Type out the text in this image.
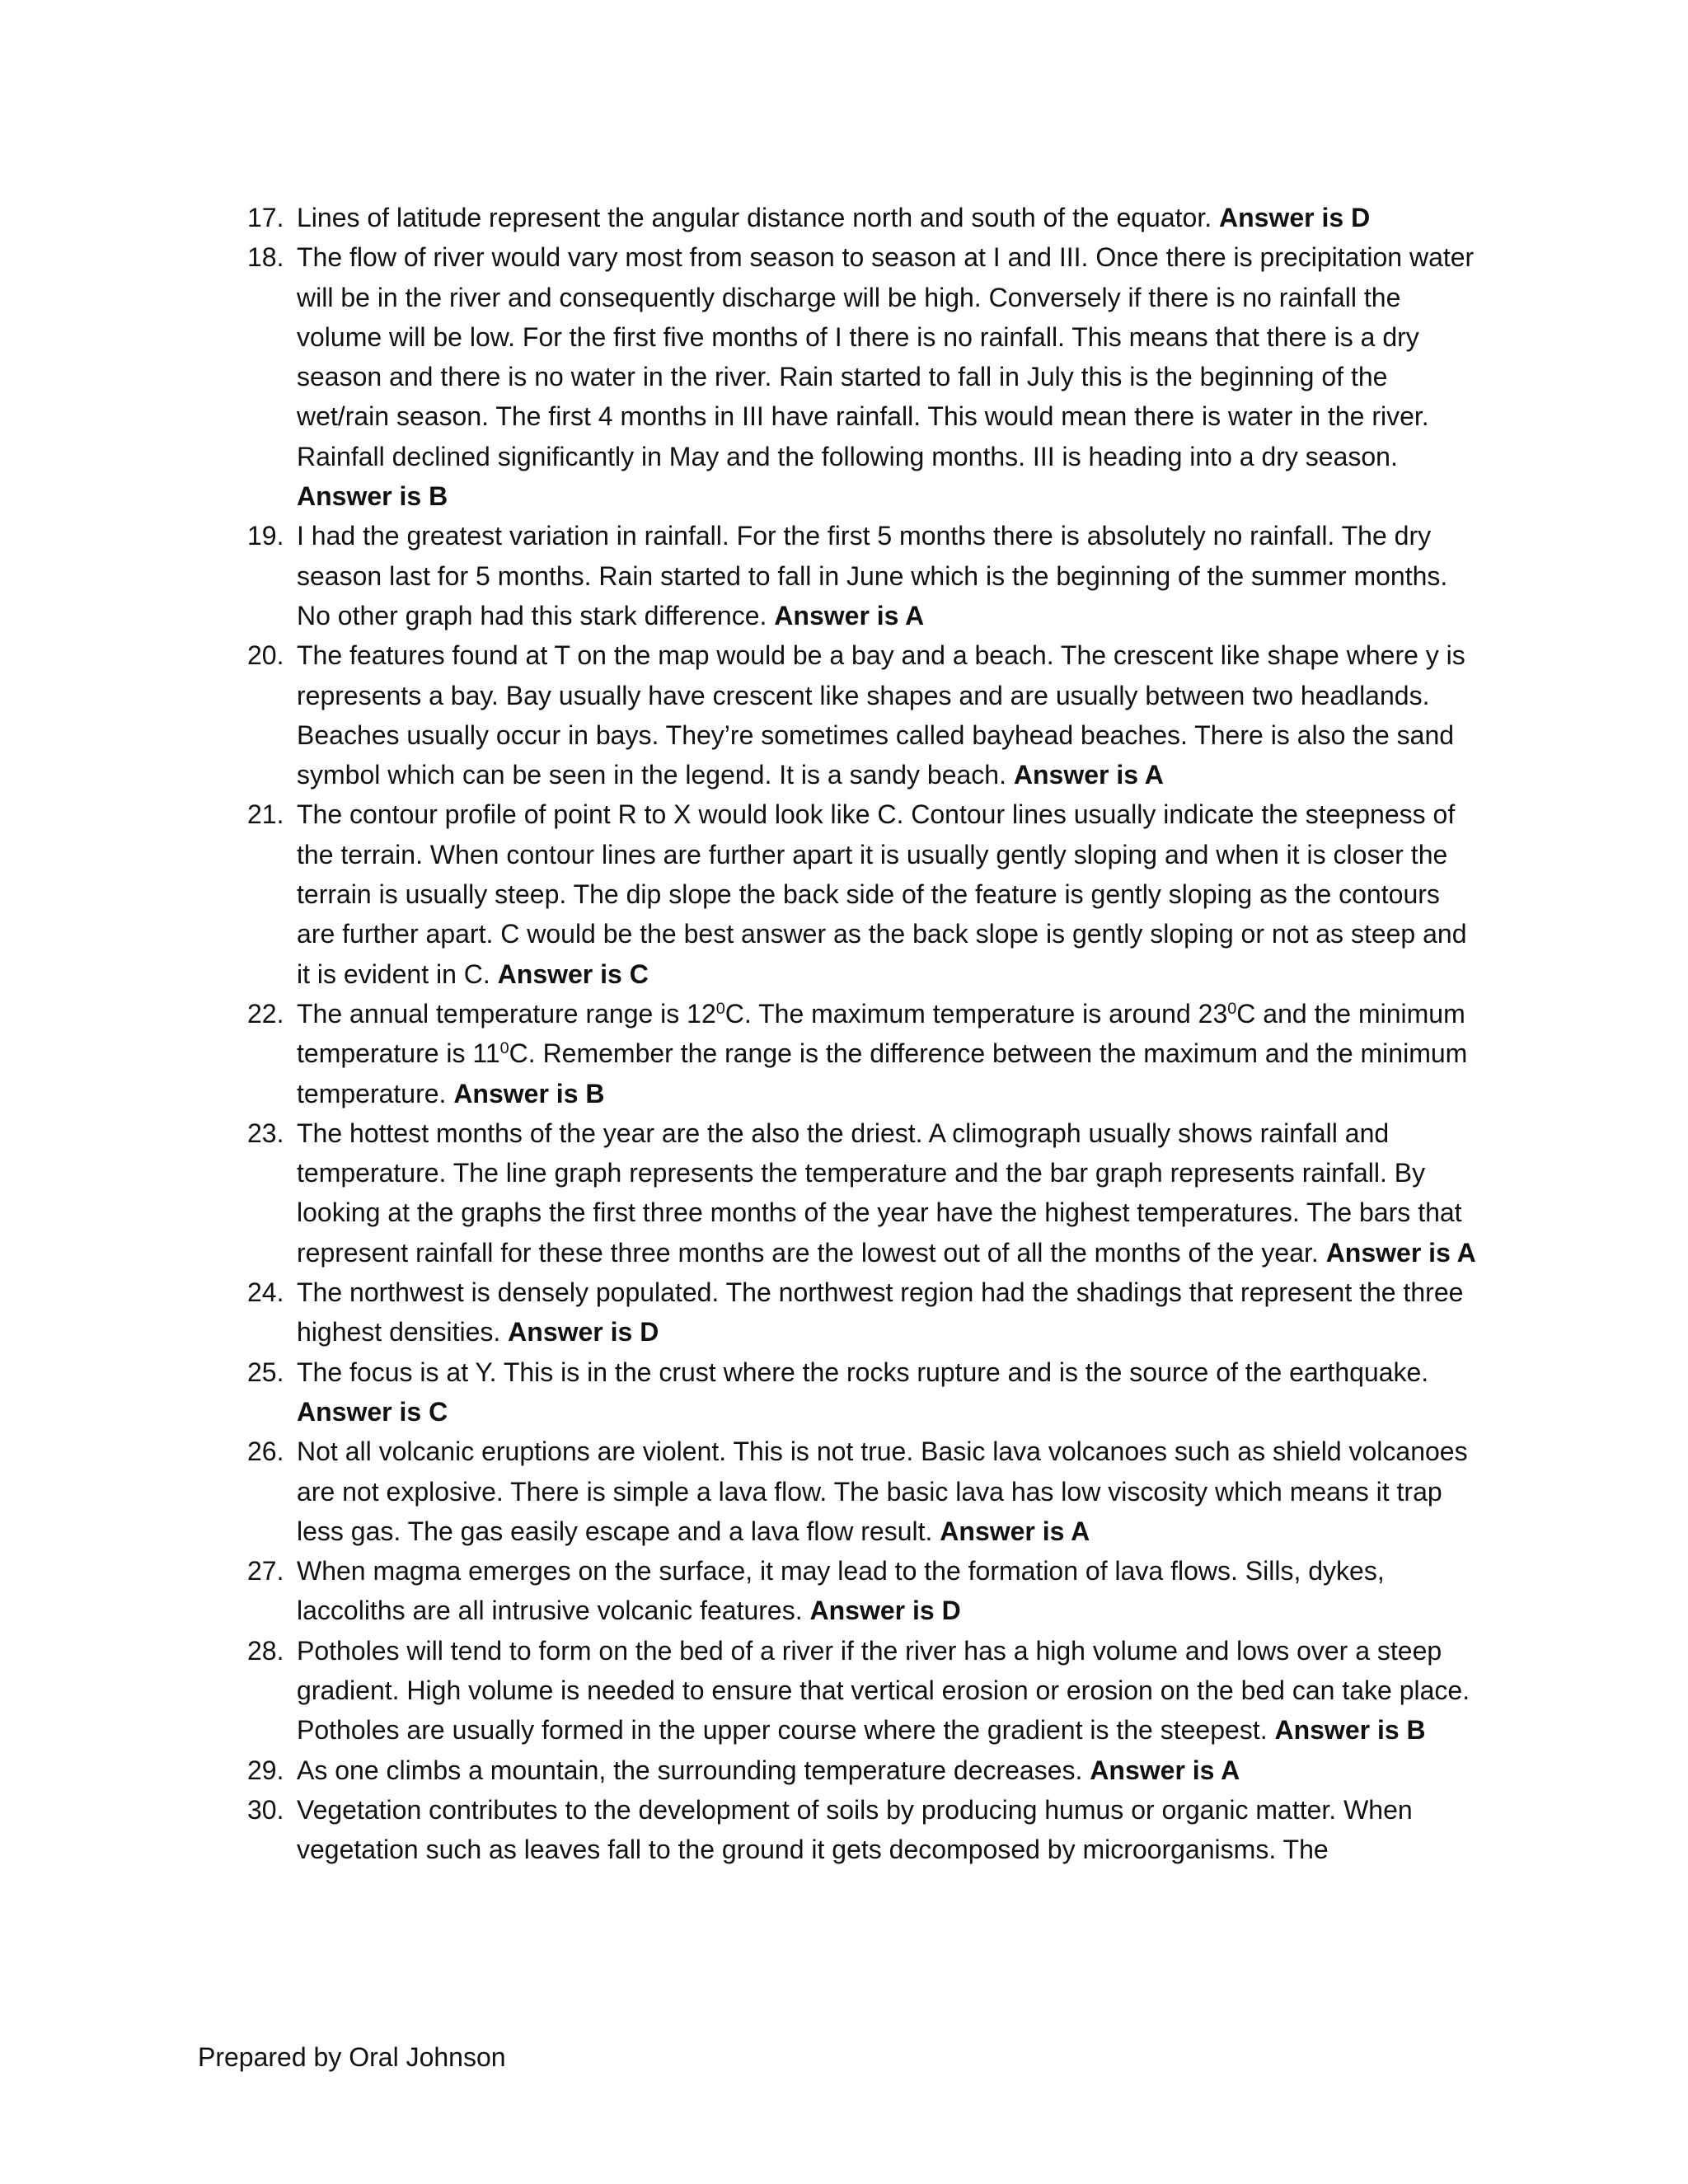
17. Lines of latitude represent the angular distance north and south of the equator. Answer is D

18. The flow of river would vary most from season to season at I and III. Once there is precipitation water will be in the river and consequently discharge will be high. Conversely if there is no rainfall the volume will be low. For the first five months of I there is no rainfall. This means that there is a dry season and there is no water in the river. Rain started to fall in July this is the beginning of the wet/rain season. The first 4 months in III have rainfall. This would mean there is water in the river. Rainfall declined significantly in May and the following months. III is heading into a dry season. Answer is B

19. I had the greatest variation in rainfall. For the first 5 months there is absolutely no rainfall. The dry season last for 5 months. Rain started to fall in June which is the beginning of the summer months. No other graph had this stark difference. Answer is A

20. The features found at T on the map would be a bay and a beach. The crescent like shape where y is represents a bay. Bay usually have crescent like shapes and are usually between two headlands. Beaches usually occur in bays. They’re sometimes called bayhead beaches. There is also the sand symbol which can be seen in the legend. It is a sandy beach. Answer is A

21. The contour profile of point R to X would look like C. Contour lines usually indicate the steepness of the terrain. When contour lines are further apart it is usually gently sloping and when it is closer the terrain is usually steep. The dip slope the back side of the feature is gently sloping as the contours are further apart. C would be the best answer as the back slope is gently sloping or not as steep and it is evident in C. Answer is C

22. The annual temperature range is $12^0C$. The maximum temperature is around $23^0C$ and the minimum temperature is $11^0C$. Remember the range is the difference between the maximum and the minimum temperature. Answer is B

23. The hottest months of the year are the also the driest. A climograph usually shows rainfall and temperature. The line graph represents the temperature and the bar graph represents rainfall. By looking at the graphs the first three months of the year have the highest temperatures. The bars that represent rainfall for these three months are the lowest out of all the months of the year. Answer is A

24. The northwest is densely populated. The northwest region had the shadings that represent the three highest densities. Answer is D

25. The focus is at Y. This is in the crust where the rocks rupture and is the source of the earthquake. Answer is C

26. Not all volcanic eruptions are violent. This is not true. Basic lava volcanoes such as shield volcanoes are not explosive. There is simple a lava flow. The basic lava has low viscosity which means it trap less gas. The gas easily escape and a lava flow result. Answer is A

27. When magma emerges on the surface, it may lead to the formation of lava flows. Sills, dykes, laccoliths are all intrusive volcanic features. Answer is D

28. Potholes will tend to form on the bed of a river if the river has a high volume and lows over a steep gradient. High volume is needed to ensure that vertical erosion or erosion on the bed can take place. Potholes are usually formed in the upper course where the gradient is the steepest. Answer is B

29. As one climbs a mountain, the surrounding temperature decreases. Answer is A

30. Vegetation contributes to the development of soils by producing humus or organic matter. When vegetation such as leaves fall to the ground it gets decomposed by microorganisms. The

Prepared by Oral Johnson
